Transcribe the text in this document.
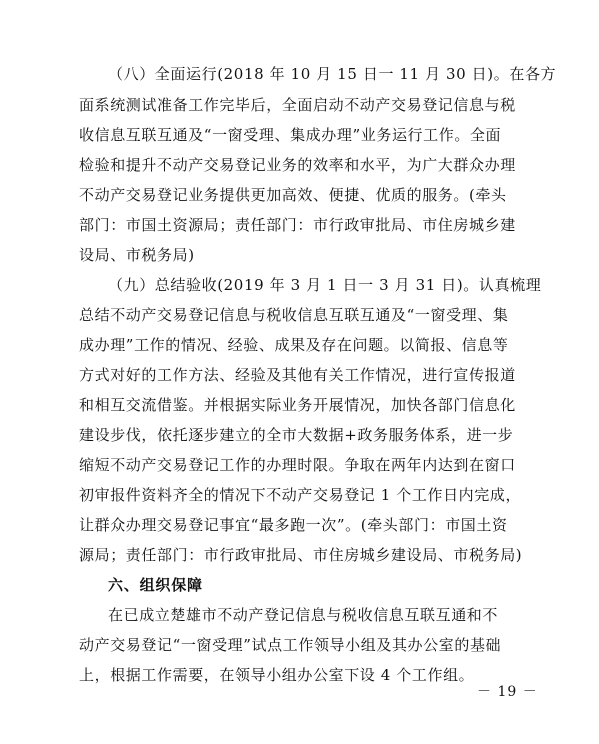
（八）全面运行(2018 年 10 月 15 日一 11 月 30 日)。在各方
面系统测试准备工作完毕后，全面启动不动产交易登记信息与税
收信息互联互通及“一窗受理、集成办理”业务运行工作。全面
检验和提升不动产交易登记业务的效率和水平，为广大群众办理
不动产交易登记业务提供更加高效、便捷、优质的服务。(牵头
部门：市国土资源局；责任部门：市行政审批局、市住房城乡建
设局、市税务局)
（九）总结验收(2019 年 3 月 1 日一 3 月 31 日)。认真梳理
总结不动产交易登记信息与税收信息互联互通及“一窗受理、集
成办理”工作的情况、经验、成果及存在问题。以简报、信息等
方式对好的工作方法、经验及其他有关工作情况，进行宣传报道
和相互交流借鉴。并根据实际业务开展情况，加快各部门信息化
建设步伐，依托逐步建立的全市大数据+政务服务体系，进一步
缩短不动产交易登记工作的办理时限。争取在两年内达到在窗口
初审报件资料齐全的情况下不动产交易登记 1 个工作日内完成，
让群众办理交易登记事宜“最多跑一次”。(牵头部门：市国土资
源局；责任部门：市行政审批局、市住房城乡建设局、市税务局)
六、组织保障
在已成立楚雄市不动产登记信息与税收信息互联互通和不
动产交易登记“一窗受理”试点工作领导小组及其办公室的基础
上，根据工作需要，在领导小组办公室下设 4 个工作组。
－ 19 －
